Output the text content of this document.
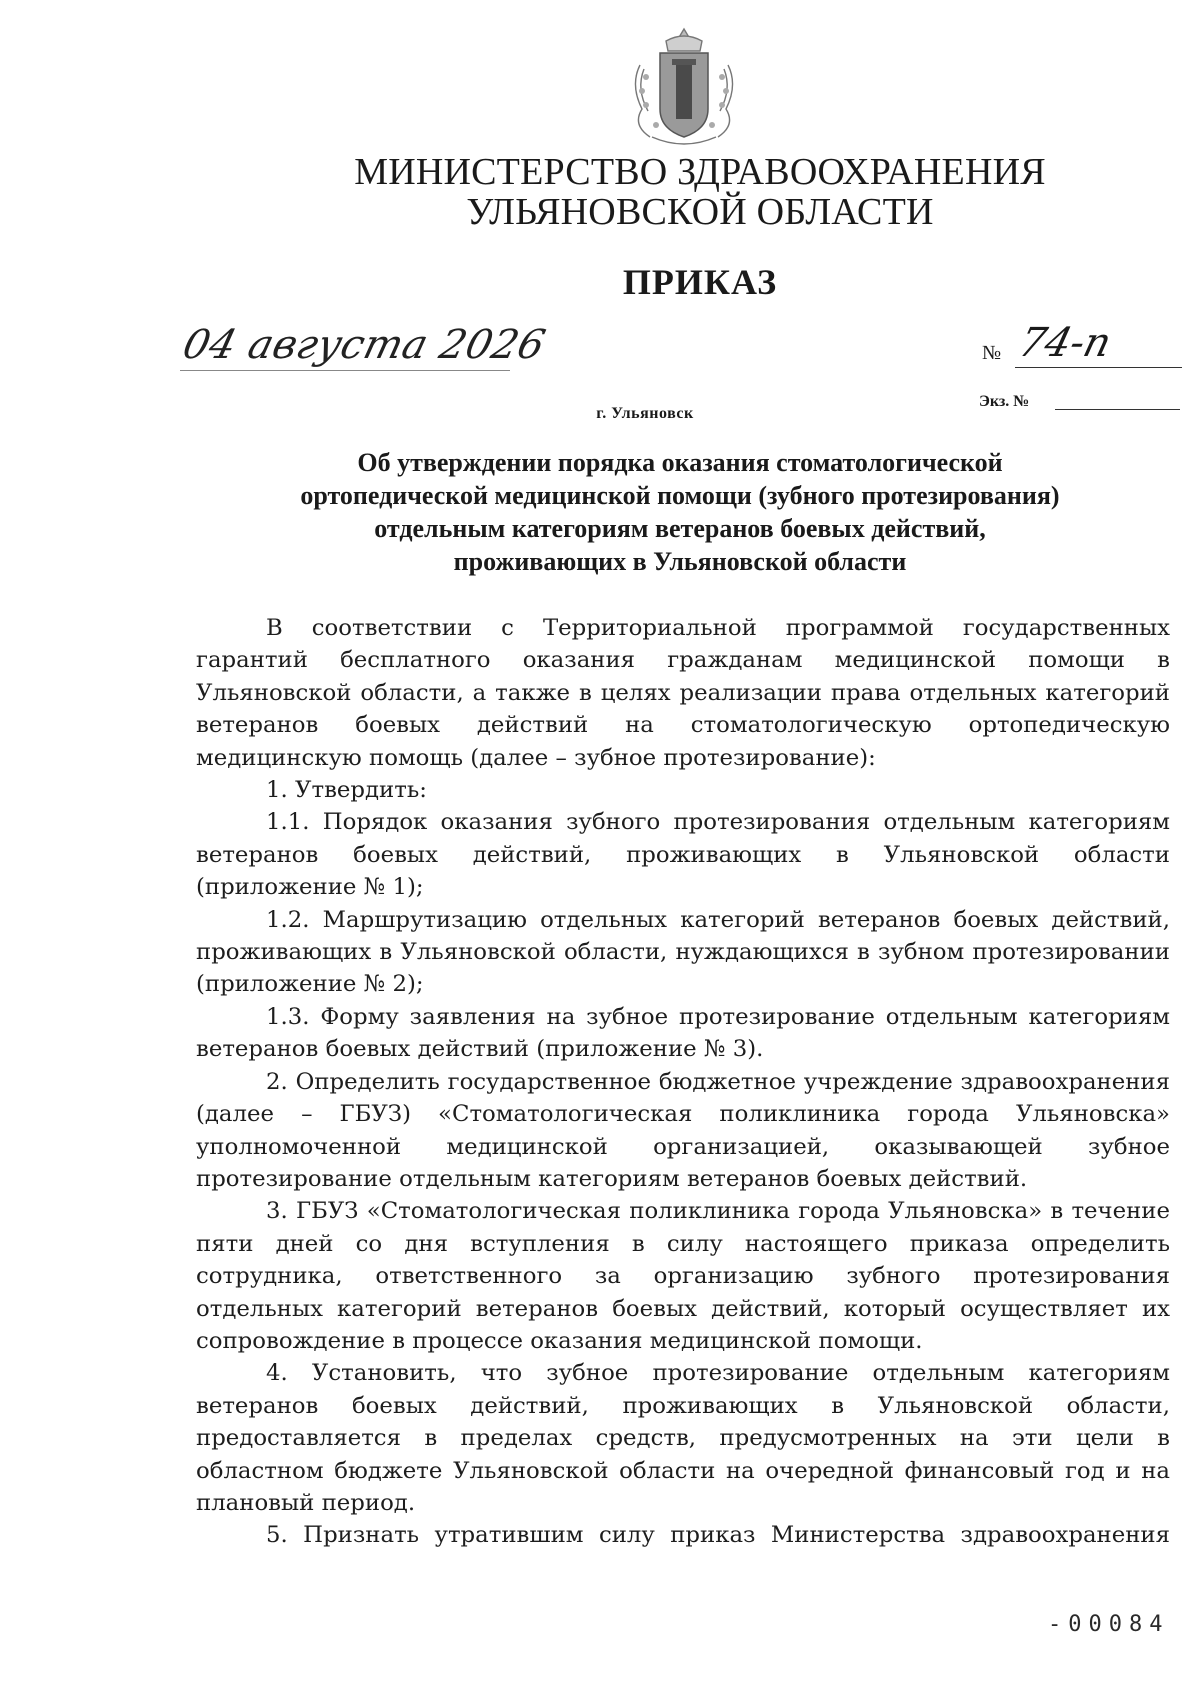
МИНИСТЕРСТВО ЗДРАВООХРАНЕНИЯ
УЛЬЯНОВСКОЙ ОБЛАСТИ
ПРИКАЗ
04 августа 2026	№ 74-п
Экз. №
г. Ульяновск
Об утверждении порядка оказания стоматологической
ортопедической медицинской помощи (зубного протезирования)
отдельным категориям ветеранов боевых действий,
проживающих в Ульяновской области

В соответствии с Территориальной программой государственных гарантий бесплатного оказания гражданам медицинской помощи в Ульяновской области, а также в целях реализации права отдельных категорий ветеранов боевых действий на стоматологическую ортопедическую медицинскую помощь (далее – зубное протезирование):

1. Утвердить:

1.1. Порядок оказания зубного протезирования отдельным категориям ветеранов боевых действий, проживающих в Ульяновской области (приложение № 1);

1.2. Маршрутизацию отдельных категорий ветеранов боевых действий, проживающих в Ульяновской области, нуждающихся в зубном протезировании (приложение № 2);

1.3. Форму заявления на зубное протезирование отдельным категориям ветеранов боевых действий (приложение № 3).

2. Определить государственное бюджетное учреждение здравоохранения (далее – ГБУЗ) «Стоматологическая поликлиника города Ульяновска» уполномоченной медицинской организацией, оказывающей зубное протезирование отдельным категориям ветеранов боевых действий.

3. ГБУЗ «Стоматологическая поликлиника города Ульяновска» в течение пяти дней со дня вступления в силу настоящего приказа определить сотрудника, ответственного за организацию зубного протезирования отдельных категорий ветеранов боевых действий, который осуществляет их сопровождение в процессе оказания медицинской помощи.

4. Установить, что зубное протезирование отдельным категориям ветеранов боевых действий, проживающих в Ульяновской области, предоставляется в пределах средств, предусмотренных на эти цели в областном бюджете Ульяновской области на очередной финансовый год и на плановый период.

5. Признать утратившим силу приказ Министерства здравоохранения

-00084
